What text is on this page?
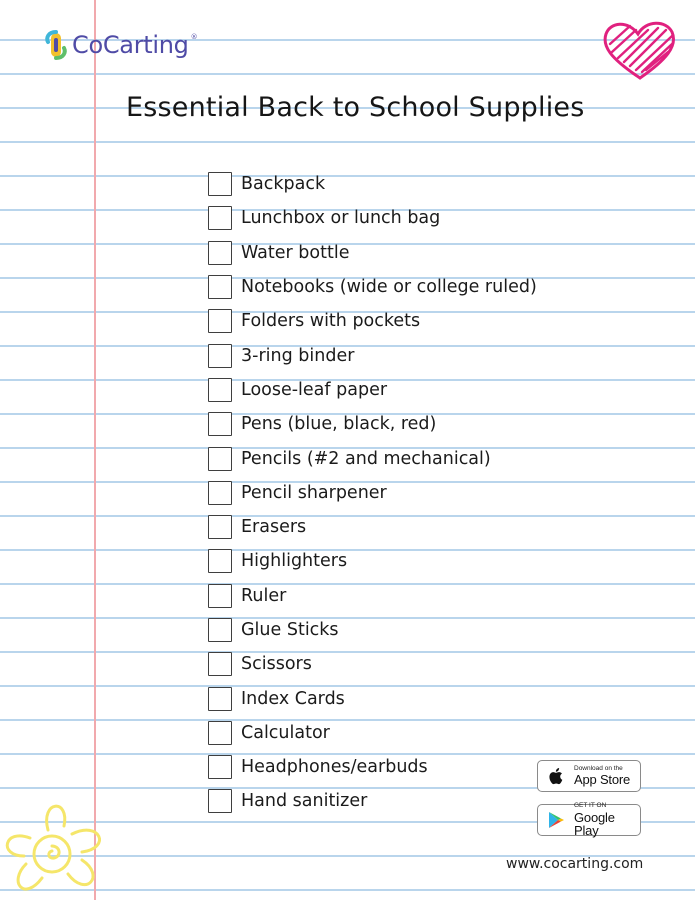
CoCarting ®
Essential Back to School Supplies
Backpack
Lunchbox or lunch bag
Water bottle
Notebooks (wide or college ruled)
Folders with pockets
3-ring binder
Loose-leaf paper
Pens (blue, black, red)
Pencils (#2 and mechanical)
Pencil sharpener
Erasers
Highlighters
Ruler
Glue Sticks
Scissors
Index Cards
Calculator
Headphones/earbuds
Hand sanitizer
Download on the
App Store
GET IT ON
Google Play
www.cocarting.com
